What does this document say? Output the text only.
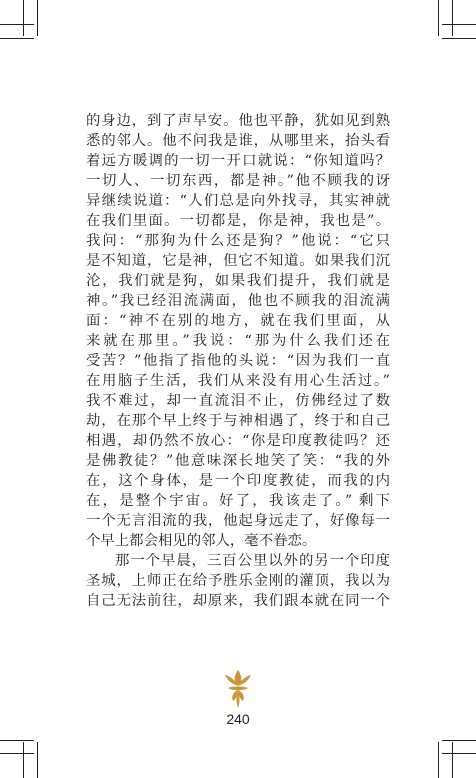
的身边，到了声早安。他也平静，犹如见到熟
悉的邻人。他不问我是谁，从哪里来，抬头看
着远方暖调的一切一开口就说：“你知道吗？
一切人、一切东西，都是神。”他不顾我的讶
异继续说道：“人们总是向外找寻，其实神就
在我们里面。一切都是，你是神，我也是”。
我问：“那狗为什么还是狗？”他说：“它只
是不知道，它是神，但它不知道。如果我们沉
沦，我们就是狗，如果我们提升，我们就是
神。”我已经泪流满面，他也不顾我的泪流满
面：“神不在别的地方，就在我们里面，从
来就在那里。”我说：“那为什么我们还在
受苦？”他指了指他的头说：“因为我们一直
在用脑子生活，我们从来没有用心生活过。”
我不难过，却一直流泪不止，仿佛经过了数
劫，在那个早上终于与神相遇了，终于和自己
相遇，却仍然不放心：“你是印度教徒吗？还
是佛教徒？”他意味深长地笑了笑：“我的外
在，这个身体，是一个印度教徒，而我的内
在，是整个宇宙。好了，我该走了。” 剩下
一个无言泪流的我，他起身远走了，好像每一
个早上都会相见的邻人，毫不眷恋。
那一个早晨，三百公里以外的另一个印度
圣城，上师正在给予胜乐金刚的灌顶，我以为
自己无法前往，却原来，我们跟本就在同一个
240
